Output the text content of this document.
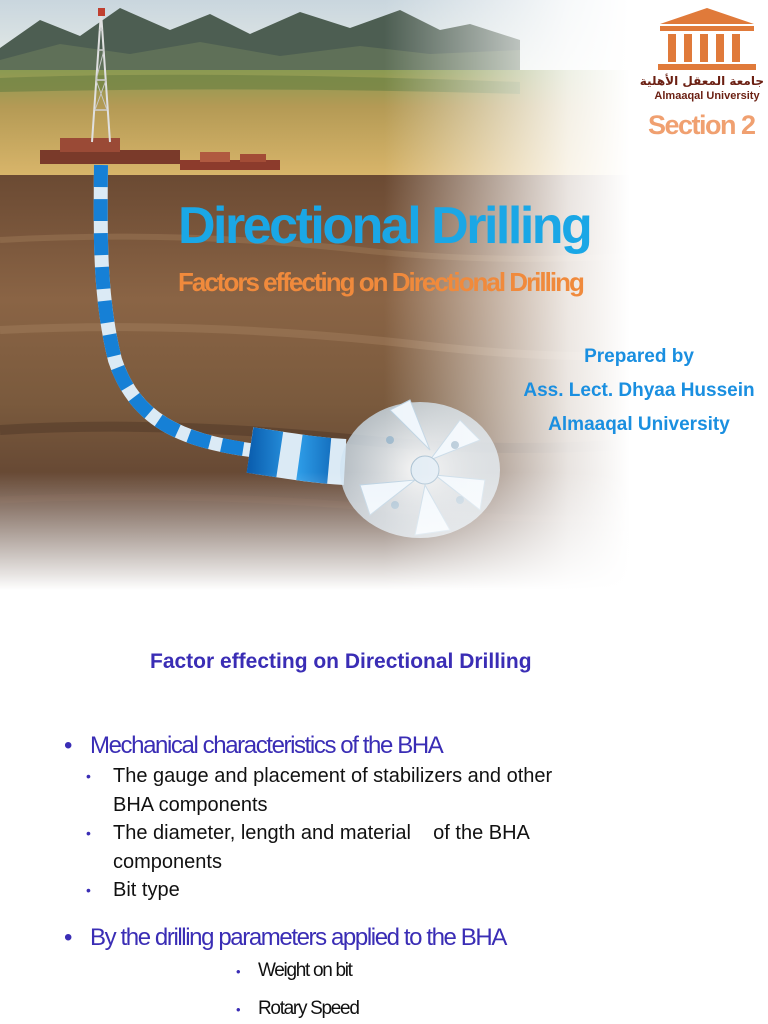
جامعة المعقل الأهلية
Almaaqal University
Section 2
Directional Drilling
Factors effecting on Directional Drilling
Prepared by
Ass. Lect. Dhyaa Hussein
Almaaqal University
Factor effecting on Directional Drilling
• Mechanical characteristics of the BHA
•	The gauge and placement of stabilizers and other BHA components
•	The diameter, length and material    of the BHA components
•	Bit type
• By the drilling parameters applied to the BHA
• Weight on bit
• Rotary Speed
